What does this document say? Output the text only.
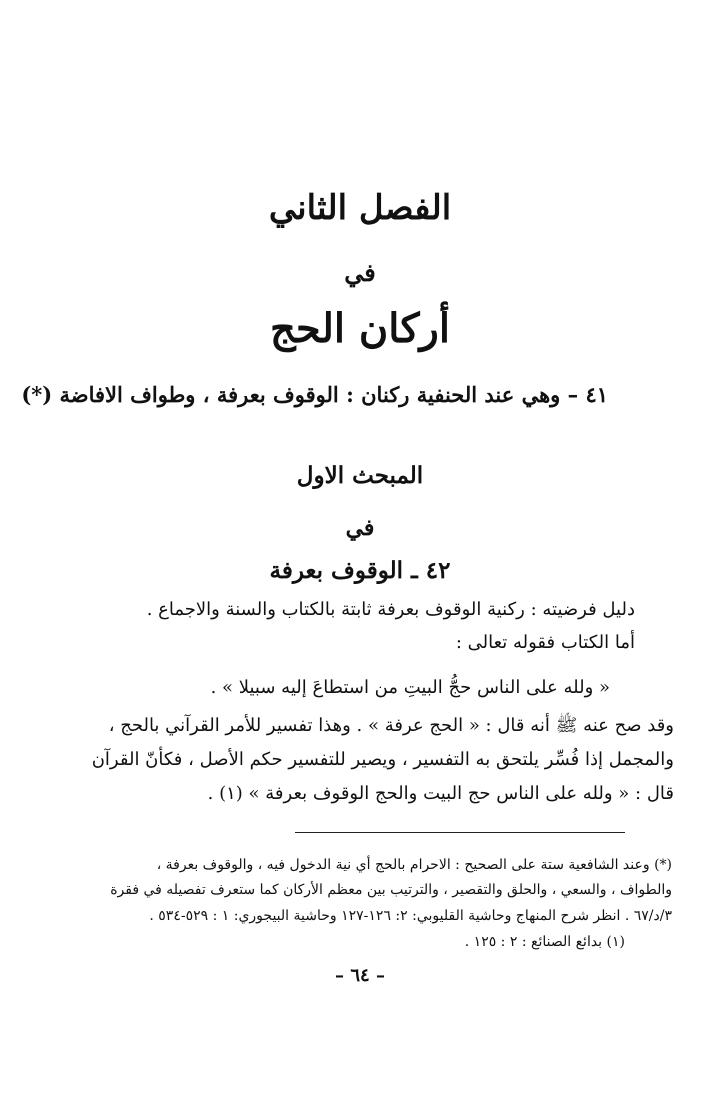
الفصل الثاني
في
أركان الحج
٤١ – وهي عند الحنفية ركنان : الوقوف بعرفة ، وطواف الافاضة (*)
المبحث الاول
في
٤٢ ـ الوقوف بعرفة
دليل فرضيته : ركنية الوقوف بعرفة ثابتة بالكتاب والسنة والاجماع .
أما الكتاب فقوله تعالى :
« ولله على الناس حجُّ البيتِ من استطاعَ إليه سبيلا » .
وقد صح عنه ﷺ أنه قال : « الحج عرفة » . وهذا تفسير للأمر القرآني بالحج ،
والمجمل إذا فُسِّر يلتحق به التفسير ، ويصير للتفسير حكم الأصل ، فكأنّ القرآن
قال : « ولله على الناس حج البيت والحج الوقوف بعرفة » (١) .
(*) وعند الشافعية ستة على الصحيح : الاحرام بالحج أي نية الدخول فيه ، والوقوف بعرفة ،
والطواف ، والسعي ، والحلق والتقصير ، والترتيب بين معظم الأركان كما ستعرف تفصيله في فقرة
٣/د/٦٧ . انظر شرح المنهاج وحاشية القليوبي: ٢: ١٢٦-١٢٧ وحاشية البيجوري: ١ : ٥٢٩-٥٣٤ .
(١) بدائع الصنائع : ٢ : ١٢٥ .
– ٦٤ –
